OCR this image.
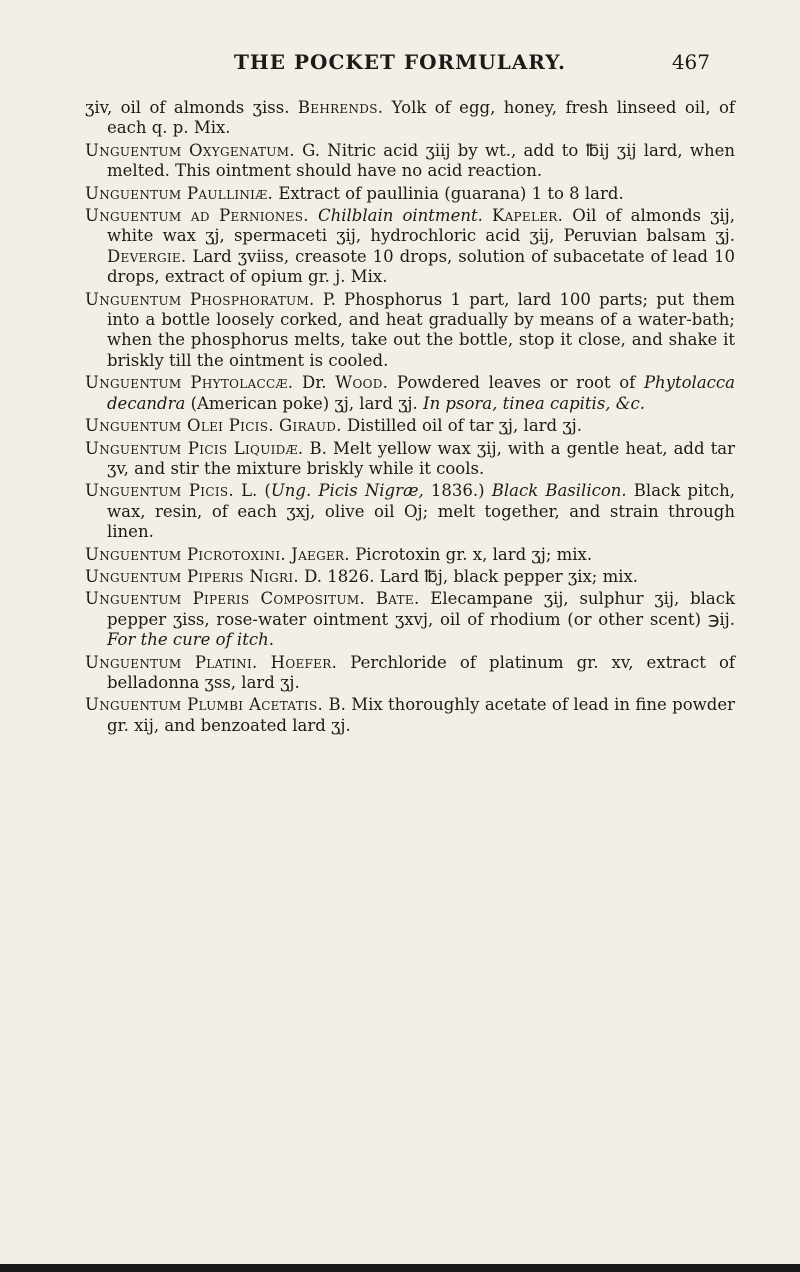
THE POCKET FORMULARY.	467

ʒiv, oil of almonds ʒiss. Behrends. Yolk of egg, honey, fresh linseed oil, of each q. p. Mix.

Unguentum Oxygenatum. G. Nitric acid ʒiij by wt., add to ℔ij ʒij lard, when melted. This ointment should have no acid reaction.

Unguentum Paulliniæ. Extract of paullinia (guarana) 1 to 8 lard.

Unguentum ad Perniones. Chilblain ointment. Kapeler. Oil of almonds ʒij, white wax ʒj, spermaceti ʒij, hydrochloric acid ʒij, Peruvian balsam ʒj. Devergie. Lard ʒviiss, creasote 10 drops, solution of subacetate of lead 10 drops, extract of opium gr. j. Mix.

Unguentum Phosphoratum. P. Phosphorus 1 part, lard 100 parts; put them into a bottle loosely corked, and heat gradually by means of a water-bath; when the phosphorus melts, take out the bottle, stop it close, and shake it briskly till the ointment is cooled.

Unguentum Phytolaccæ. Dr. Wood. Powdered leaves or root of Phytolacca decandra (American poke) ʒj, lard ʒj. In psora, tinea capitis, &c.

Unguentum Olei Picis. Giraud. Distilled oil of tar ʒj, lard ʒj.

Unguentum Picis Liquidæ. B. Melt yellow wax ʒij, with a gentle heat, add tar ʒv, and stir the mixture briskly while it cools.

Unguentum Picis. L. (Ung. Picis Nigræ, 1836.) Black Basilicon. Black pitch, wax, resin, of each ʒxj, olive oil Oj; melt together, and strain through linen.

Unguentum Picrotoxini. Jaeger. Picrotoxin gr. x, lard ʒj; mix.

Unguentum Piperis Nigri. D. 1826. Lard ℔j, black pepper ʒix; mix.

Unguentum Piperis Compositum. Bate. Elecampane ʒij, sulphur ʒij, black pepper ʒiss, rose-water ointment ʒxvj, oil of rhodium (or other scent) ℈ij. For the cure of itch.

Unguentum Platini. Hoefer. Perchloride of platinum gr. xv, extract of belladonna ʒss, lard ʒj.

Unguentum Plumbi Acetatis. B. Mix thoroughly acetate of lead in fine powder gr. xij, and benzoated lard ʒj.
